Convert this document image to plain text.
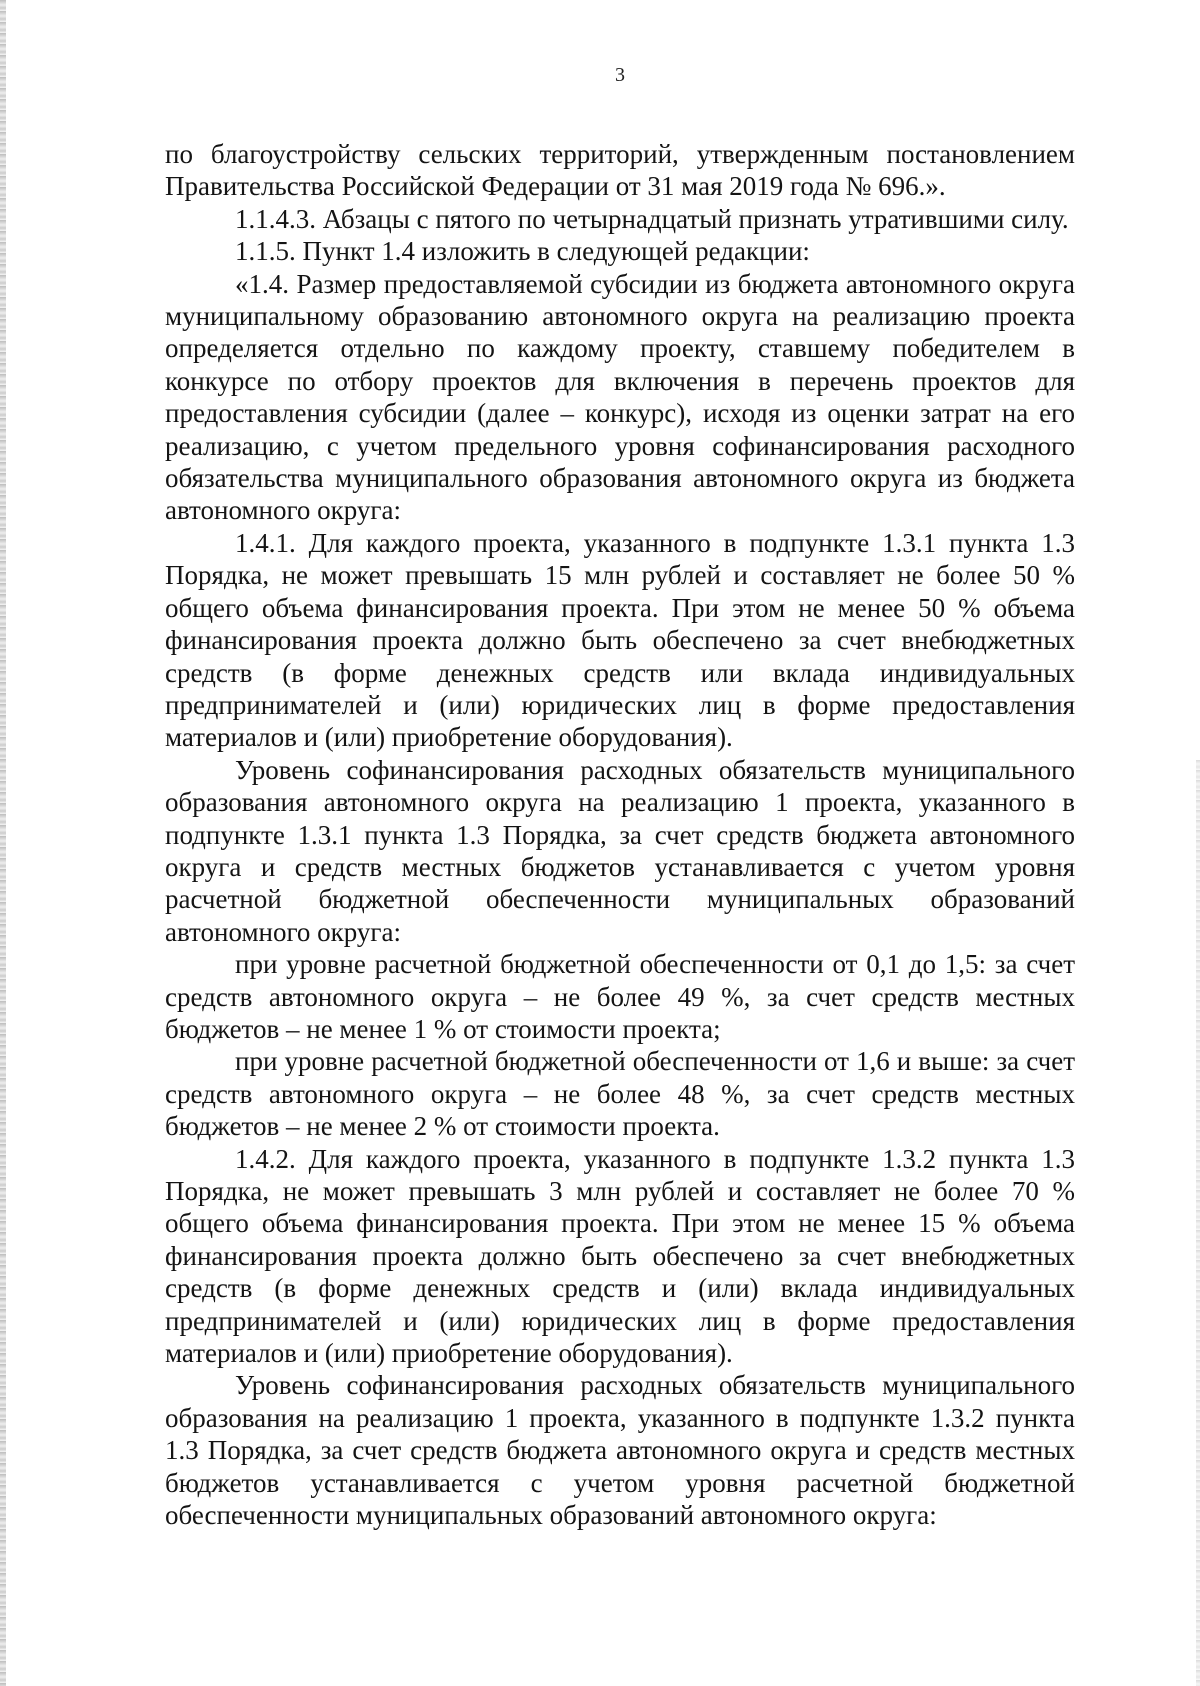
3

по благоустройству сельских территорий, утвержденным постановлением Правительства Российской Федерации от 31 мая 2019 года № 696.».

1.1.4.3. Абзацы с пятого по четырнадцатый признать утратившими силу.

1.1.5. Пункт 1.4 изложить в следующей редакции:

«1.4. Размер предоставляемой субсидии из бюджета автономного округа муниципальному образованию автономного округа на реализацию проекта определяется отдельно по каждому проекту, ставшему победителем в конкурсе по отбору проектов для включения в перечень проектов для предоставления субсидии (далее – конкурс), исходя из оценки затрат на его реализацию, с учетом предельного уровня софинансирования расходного обязательства муниципального образования автономного округа из бюджета автономного округа:

1.4.1. Для каждого проекта, указанного в подпункте 1.3.1 пункта 1.3 Порядка, не может превышать 15 млн рублей и составляет не более 50 % общего объема финансирования проекта. При этом не менее 50 % объема финансирования проекта должно быть обеспечено за счет внебюджетных средств (в форме денежных средств или вклада индивидуальных предпринимателей и (или) юридических лиц в форме предоставления материалов и (или) приобретение оборудования).

Уровень софинансирования расходных обязательств муниципального образования автономного округа на реализацию 1 проекта, указанного в подпункте 1.3.1 пункта 1.3 Порядка, за счет средств бюджета автономного округа и средств местных бюджетов устанавливается с учетом уровня расчетной бюджетной обеспеченности муниципальных образований автономного округа:

при уровне расчетной бюджетной обеспеченности от 0,1 до 1,5: за счет средств автономного округа – не более 49 %, за счет средств местных бюджетов – не менее 1 % от стоимости проекта;

при уровне расчетной бюджетной обеспеченности от 1,6 и выше: за счет средств автономного округа – не более 48 %, за счет средств местных бюджетов – не менее 2 % от стоимости проекта.

1.4.2. Для каждого проекта, указанного в подпункте 1.3.2 пункта 1.3 Порядка, не может превышать 3 млн рублей и составляет не более 70 % общего объема финансирования проекта. При этом не менее 15 % объема финансирования проекта должно быть обеспечено за счет внебюджетных средств (в форме денежных средств и (или) вклада индивидуальных предпринимателей и (или) юридических лиц в форме предоставления материалов и (или) приобретение оборудования).

Уровень софинансирования расходных обязательств муниципального образования на реализацию 1 проекта, указанного в подпункте 1.3.2 пункта 1.3 Порядка, за счет средств бюджета автономного округа и средств местных бюджетов устанавливается с учетом уровня расчетной бюджетной обеспеченности муниципальных образований автономного округа:
